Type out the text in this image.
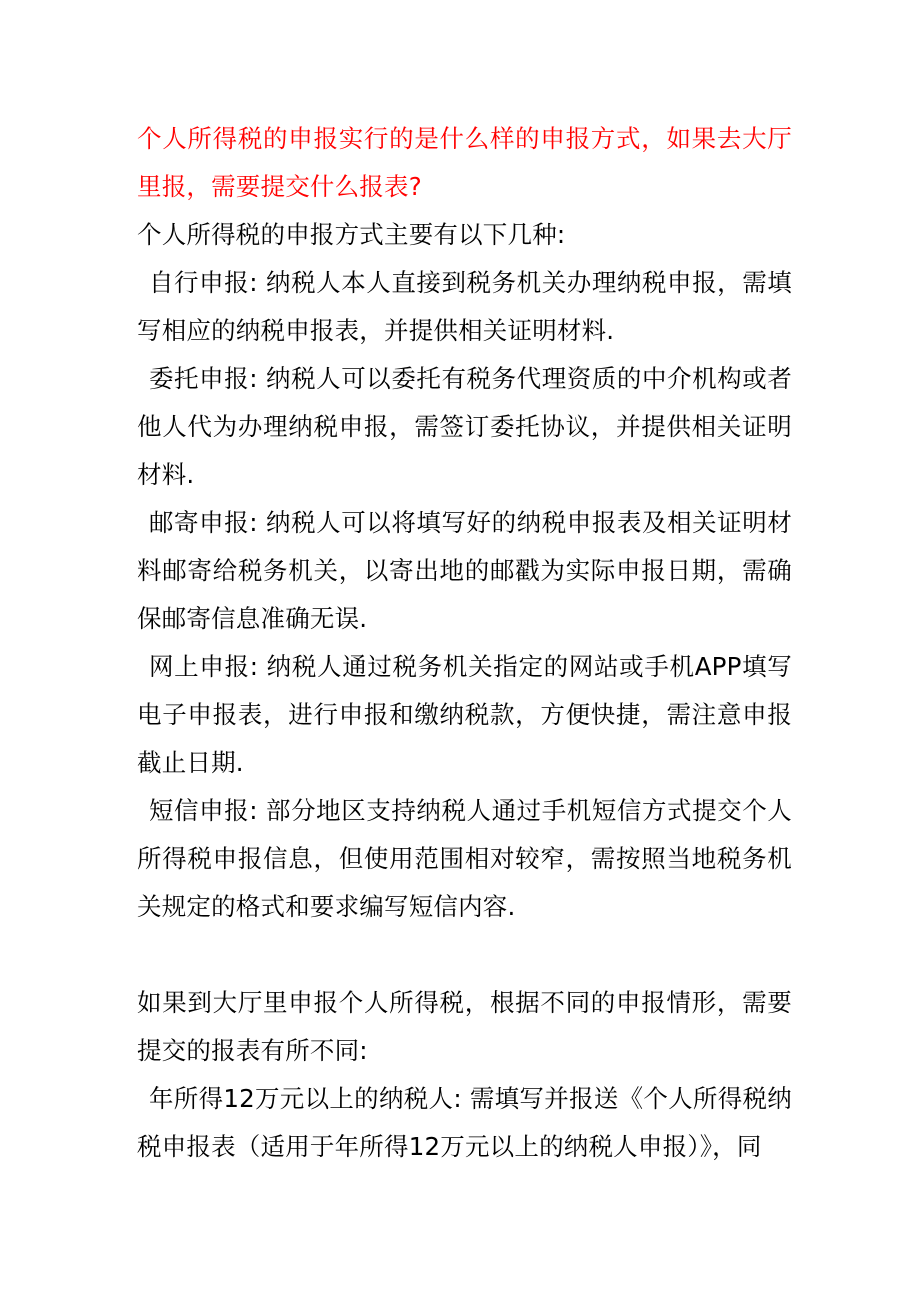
个人所得税的申报实行的是什么样的申报方式，如果去大厅里报，需要提交什么报表?

个人所得税的申报方式主要有以下几种:

自行申报: 纳税人本人直接到税务机关办理纳税申报，需填写相应的纳税申报表，并提供相关证明材料.

委托申报: 纳税人可以委托有税务代理资质的中介机构或者他人代为办理纳税申报，需签订委托协议，并提供相关证明材料.

邮寄申报: 纳税人可以将填写好的纳税申报表及相关证明材料邮寄给税务机关，以寄出地的邮戳为实际申报日期，需确保邮寄信息准确无误.

网上申报: 纳税人通过税务机关指定的网站或手机APP填写电子申报表，进行申报和缴纳税款，方便快捷，需注意申报截止日期.

短信申报: 部分地区支持纳税人通过手机短信方式提交个人所得税申报信息，但使用范围相对较窄，需按照当地税务机关规定的格式和要求编写短信内容.

如果到大厅里申报个人所得税，根据不同的申报情形，需要提交的报表有所不同:

年所得12万元以上的纳税人: 需填写并报送《个人所得税纳税申报表（适用于年所得12万元以上的纳税人申报）》，同
